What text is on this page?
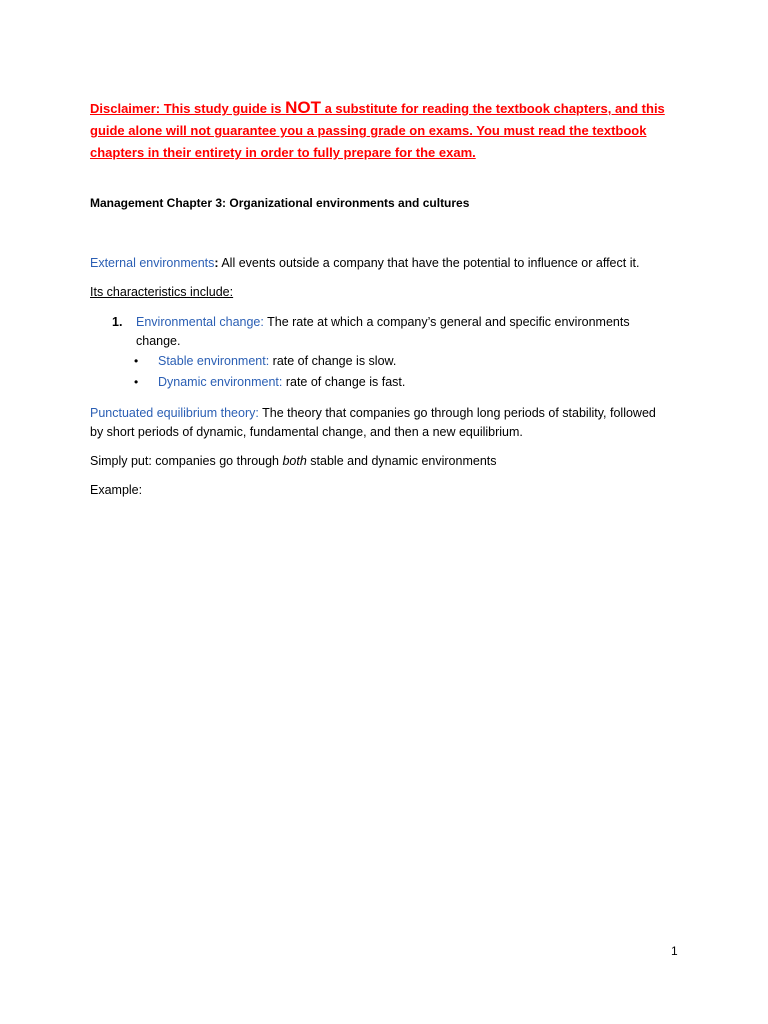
Disclaimer: This study guide is NOT a substitute for reading the textbook chapters, and this guide alone will not guarantee you a passing grade on exams. You must read the textbook chapters in their entirety in order to fully prepare for the exam.
Management Chapter 3: Organizational environments and cultures
External environments: All events outside a company that have the potential to influence or affect it.
Its characteristics include:
1. Environmental change: The rate at which a company’s general and specific environments change.
• Stable environment: rate of change is slow.
• Dynamic environment: rate of change is fast.
Punctuated equilibrium theory: The theory that companies go through long periods of stability, followed by short periods of dynamic, fundamental change, and then a new equilibrium.
Simply put: companies go through both stable and dynamic environments
Example:
1
